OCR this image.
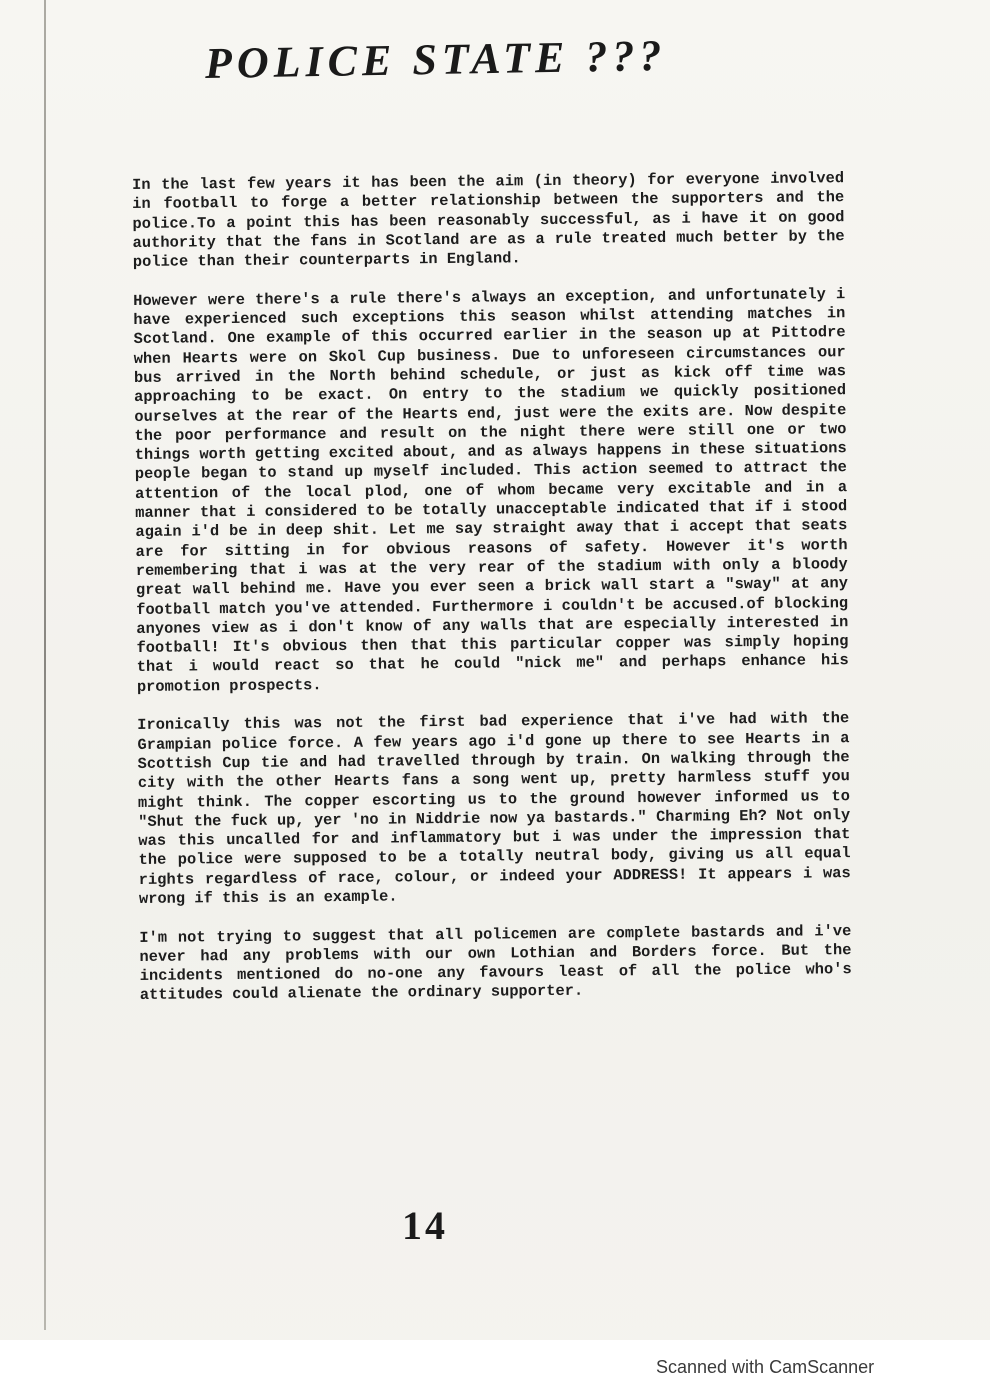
POLICE STATE ???

In the last few years it has been the aim (in theory) for everyone involved in football to forge a better relationship between the supporters and the police.To a point this has been reasonably successful, as i have it on good authority that the fans in Scotland are as a rule treated much better by the police than their counterparts in England.

However were there's a rule there's always an exception, and unfortunately i have experienced such exceptions this season whilst attending matches in Scotland. One example of this occurred earlier in the season up at Pittodre when Hearts were on Skol Cup business. Due to unforeseen circumstances our bus arrived in the North behind schedule, or just as kick off time was approaching to be exact. On entry to the stadium we quickly positioned ourselves at the rear of the Hearts end, just were the exits are. Now despite the poor performance and result on the night there were still one or two things worth getting excited about, and as always happens in these situations people began to stand up myself included. This action seemed to attract the attention of the local plod, one of whom became very excitable and in a manner that i considered to be totally unacceptable indicated that if i stood again i'd be in deep shit. Let me say straight away that i accept that seats are for sitting in for obvious reasons of safety. However it's worth remembering that i was at the very rear of the stadium with only a bloody great wall behind me. Have you ever seen a brick wall start a "sway" at any football match you've attended. Furthermore i couldn't be accused.of blocking anyones view as i don't know of any walls that are especially interested in football! It's obvious then that this particular copper was simply hoping that i would react so that he could "nick me" and perhaps enhance his promotion prospects.

Ironically this was not the first bad experience that i've had with the Grampian police force. A few years ago i'd gone up there to see Hearts in a Scottish Cup tie and had travelled through by train. On walking through the city with the other Hearts fans a song went up, pretty harmless stuff you might think. The copper escorting us to the ground however informed us to "Shut the fuck up, yer 'no in Niddrie now ya bastards." Charming Eh? Not only was this uncalled for and inflammatory but i was under the impression that the police were supposed to be a totally neutral body, giving us all equal rights regardless of race, colour, or indeed your ADDRESS! It appears i was wrong if this is an example.

I'm not trying to suggest that all policemen are complete bastards and i've never had any problems with our own Lothian and Borders force. But the incidents mentioned do no-one any favours least of all the police who's attitudes could alienate the ordinary supporter.

14
Scanned with CamScanner
